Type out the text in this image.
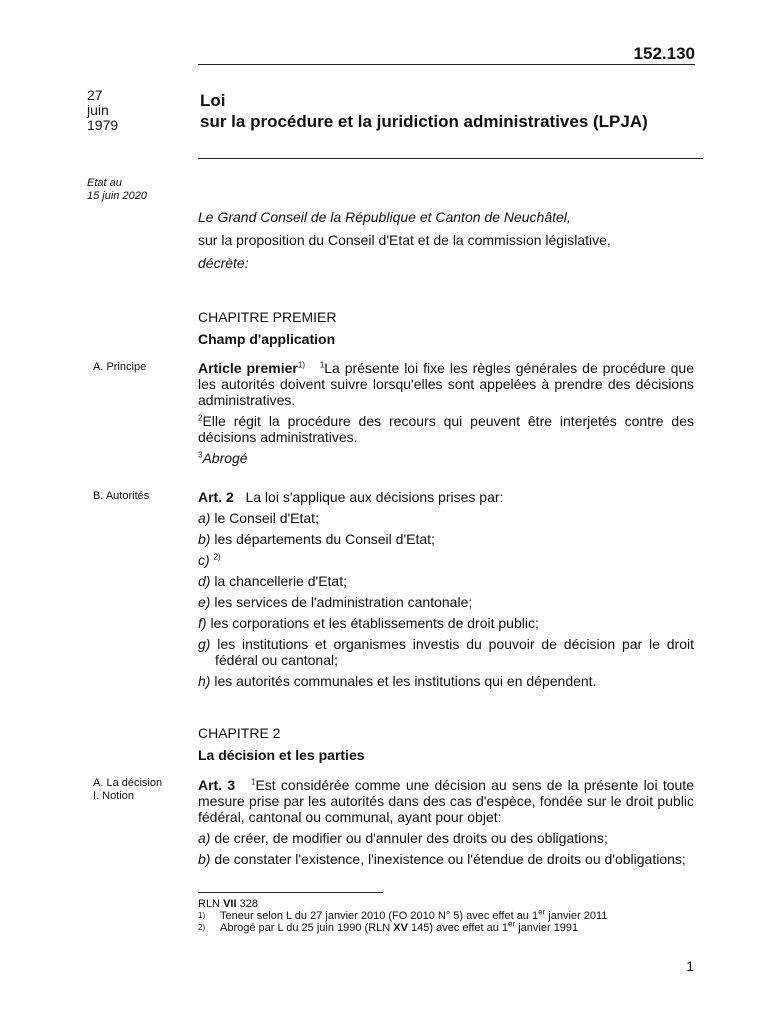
152.130
27
juin
1979
Loi
sur la procédure et la juridiction administratives (LPJA)
Etat au
15 juin 2020

Le Grand Conseil de la République et Canton de Neuchâtel,

sur la proposition du Conseil d'Etat et de la commission législative,

décrète:

CHAPITRE PREMIER
Champ d'application
A. Principe	Article premier$^{1)}$ $^1$La présente loi fixe les règles générales de procédure que les autorités doivent suivre lorsqu'elles sont appelées à prendre des décisions administratives.

$^2$Elle régit la procédure des recours qui peuvent être interjetés contre des décisions administratives.

$^3$Abrogé

B. Autorités	Art. 2 La loi s'applique aux décisions prises par:

a) le Conseil d'Etat;

b) les départements du Conseil d'Etat;

c) $^{2)}$

d) la chancellerie d'Etat;

e) les services de l'administration cantonale;

f) les corporations et les établissements de droit public;

g) les institutions et organismes investis du pouvoir de décision par le droit fédéral ou cantonal;

h) les autorités communales et les institutions qui en dépendent.

CHAPITRE 2
La décision et les parties
A. La décision
I. Notion

Art. 3 $^1$Est considérée comme une décision au sens de la présente loi toute mesure prise par les autorités dans des cas d'espèce, fondée sur le droit public fédéral, cantonal ou communal, ayant pour objet:

a) de créer, de modifier ou d'annuler des droits ou des obligations;

b) de constater l'existence, l'inexistence ou l'étendue de droits ou d'obligations;

RLN VII 328
1) Teneur selon L du 27 janvier 2010 (FO 2010 N° 5) avec effet au 1er janvier 2011
2) Abrogé par L du 25 juin 1990 (RLN XV 145) avec effet au 1er janvier 1991
1
